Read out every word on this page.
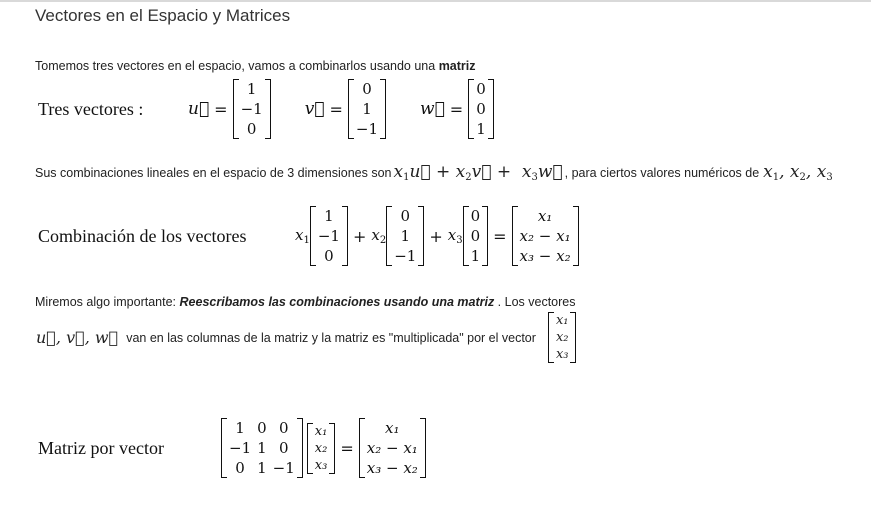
Vectores en el Espacio y Matrices
Tomemos tres vectores en el espacio, vamos a combinarlos usando una matriz
Tres vectores :	u⃗ =
1
−1
0
v⃗ =
0
1
−1
w⃗ =
0
0
1
Sus combinaciones lineales en el espacio de 3 dimensiones son $x_1u⃗$ + $x_2v⃗$ +  $x_3w⃗$ , para ciertos valores numéricos de $x_1$, $x_2$, $x_3$
Combinación de los vectores	$x_1$
1
−1
0
+ $x_2$
0
1
−1
+ $x_3$
0
0
1
=
x₁
x₂ − x₁
x₃ − x₂
Miremos algo importante: Reescribamos las combinaciones usando una matriz . Los vectores
u⃗, v⃗, w⃗ van en las columnas de la matriz y la matriz es "multiplicada" por el vector
x₁
x₂
x₃
Matriz por vector
1	0	0
−1	1	0
0	1	−1
x₁
x₂
x₃
=
x₁
x₂ − x₁
x₃ − x₂
